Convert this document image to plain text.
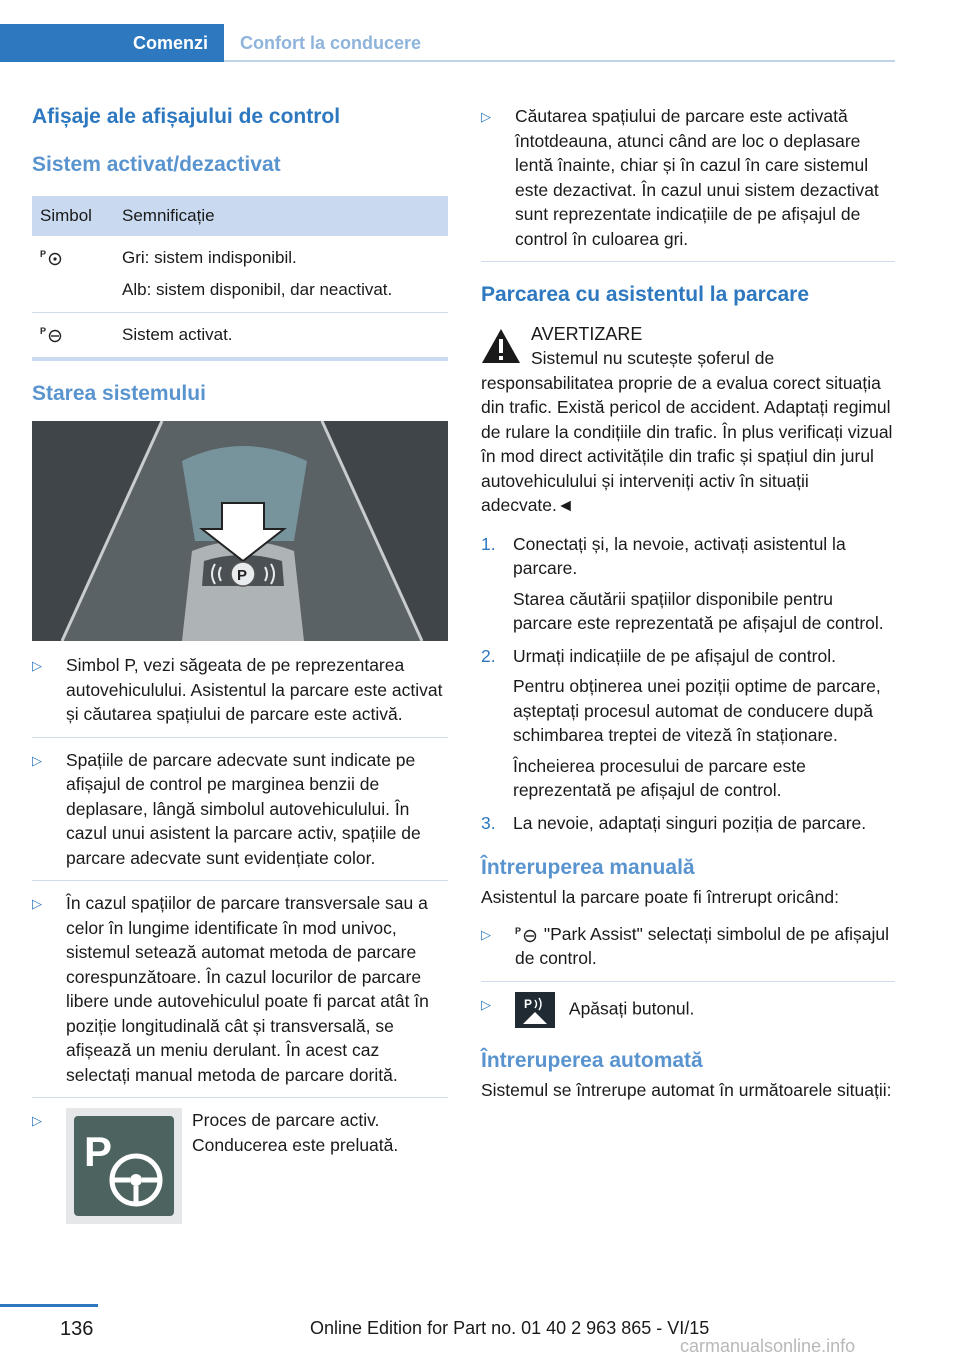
Comenzi	Confort la conducere
Afișaje ale afișajului de control
Sistem activat/dezactivat
Simbol	Semnificație

P	Gri: sistem indisponibil.
Alb: sistem disponibil, dar neactivat.

P	Sistem activat.
Starea sistemului
P
▷ Simbol P, vezi săgeata de pe reprezentarea autovehiculului. Asistentul la parcare este activat și căutarea spațiului de parcare este activă.
▷ Spațiile de parcare adecvate sunt indicate pe afișajul de control pe marginea benzii de deplasare, lângă simbolul autovehiculului. În cazul unui asistent la parcare activ, spațiile de parcare adecvate sunt evidențiate color.
▷ În cazul spațiilor de parcare transversale sau a celor în lungime identificate în mod univoc, sistemul setează automat metoda de parcare corespunzătoare. În cazul locurilor de parcare libere unde autovehiculul poate fi parcat atât în poziție longitudinală cât și transversală, se afișează un meniu derulant. În acest caz selectați manual metoda de parcare dorită.
▷
P
Proces de parcare activ. Conducerea este preluată.
▷ Căutarea spațiului de parcare este activată întotdeauna, atunci când are loc o deplasare lentă înainte, chiar și în cazul în care sistemul este dezactivat. În cazul unui sistem dezactivat sunt reprezentate indicațiile de pe afișajul de control în culoarea gri.
Parcarea cu asistentul la parcare

AVERTIZARE

Sistemul nu scutește șoferul de responsabilitatea proprie de a evalua corect situația din trafic. Există pericol de accident. Adaptați regimul de rulare la condițiile din trafic. În plus verificați vizual în mod direct activitățile din trafic și spațiul din jurul autovehiculului și interveniți activ în situații adecvate.◄

1. Conectați și, la nevoie, activați asistentul la parcare.

Starea căutării spațiilor disponibile pentru parcare este reprezentată pe afișajul de control.

2. Urmați indicațiile de pe afișajul de control.

Pentru obținerea unei poziții optime de parcare, așteptați procesul automat de conducere după schimbarea treptei de viteză în staționare.

Încheierea procesului de parcare este reprezentată pe afișajul de control.

3. La nevoie, adaptați singuri poziția de parcare.

Întreruperea manuală

Asistentul la parcare poate fi întrerupt oricând:

▷	P "Park Assist" selectați simbolul de pe afișajul de control.
▷	P Apăsați butonul.
Întreruperea automată

Sistemul se întrerupe automat în următoarele situații:

136	Online Edition for Part no. 01 40 2 963 865 - VI/15
carmanualsonline.info
